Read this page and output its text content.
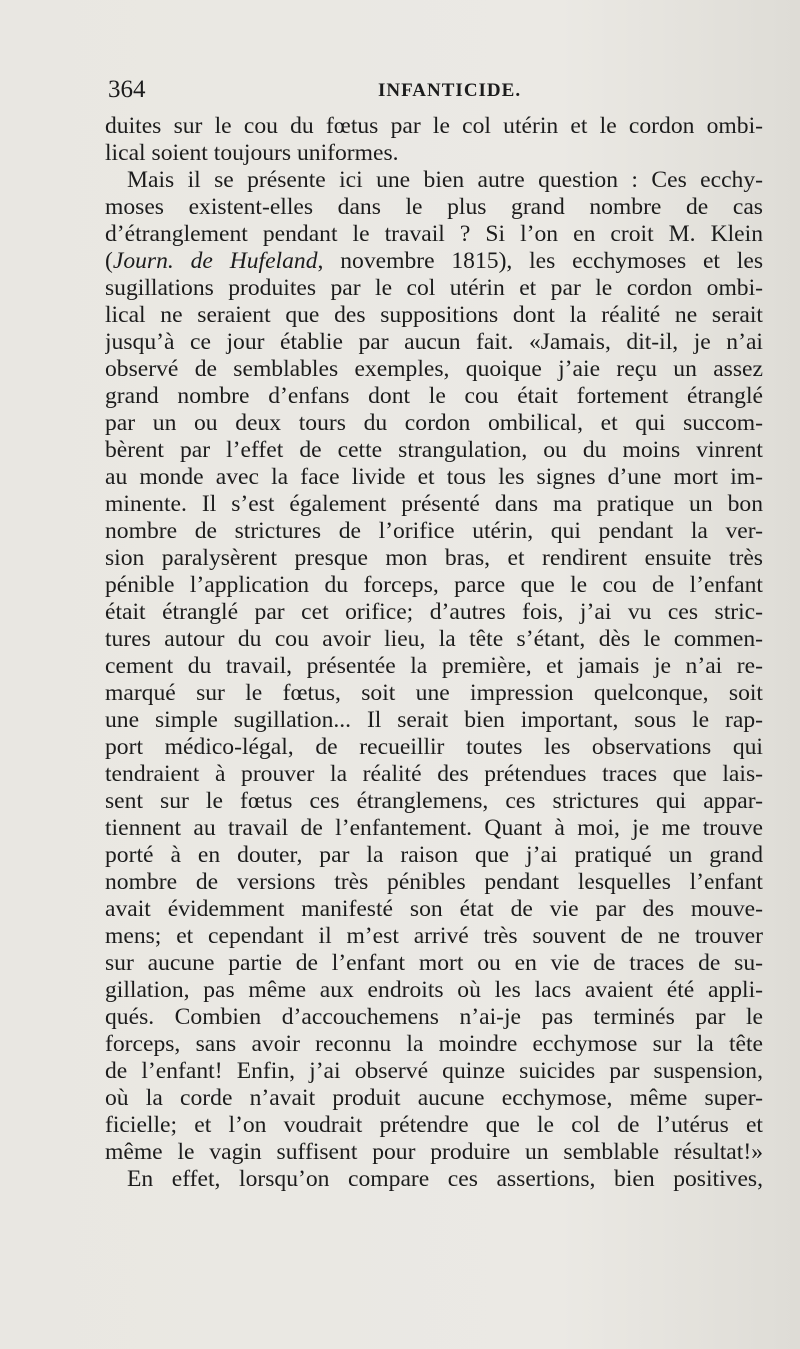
364	INFANTICIDE.
duites sur le cou du fœtus par le col utérin et le cordon ombi-
lical soient toujours uniformes.
Mais il se présente ici une bien autre question : Ces ecchy-
moses existent-elles dans le plus grand nombre de cas
d’étranglement pendant le travail ? Si l’on en croit M. Klein
(Journ. de Hufeland, novembre 1815), les ecchymoses et les
sugillations produites par le col utérin et par le cordon ombi-
lical ne seraient que des suppositions dont la réalité ne serait
jusqu’à ce jour établie par aucun fait. «Jamais, dit-il, je n’ai
observé de semblables exemples, quoique j’aie reçu un assez
grand nombre d’enfans dont le cou était fortement étranglé
par un ou deux tours du cordon ombilical, et qui succom-
bèrent par l’effet de cette strangulation, ou du moins vinrent
au monde avec la face livide et tous les signes d’une mort im-
minente. Il s’est également présenté dans ma pratique un bon
nombre de strictures de l’orifice utérin, qui pendant la ver-
sion paralysèrent presque mon bras, et rendirent ensuite très
pénible l’application du forceps, parce que le cou de l’enfant
était étranglé par cet orifice; d’autres fois, j’ai vu ces stric-
tures autour du cou avoir lieu, la tête s’étant, dès le commen-
cement du travail, présentée la première, et jamais je n’ai re-
marqué sur le fœtus, soit une impression quelconque, soit
une simple sugillation... Il serait bien important, sous le rap-
port médico-légal, de recueillir toutes les observations qui
tendraient à prouver la réalité des prétendues traces que lais-
sent sur le fœtus ces étranglemens, ces strictures qui appar-
tiennent au travail de l’enfantement. Quant à moi, je me trouve
porté à en douter, par la raison que j’ai pratiqué un grand
nombre de versions très pénibles pendant lesquelles l’enfant
avait évidemment manifesté son état de vie par des mouve-
mens; et cependant il m’est arrivé très souvent de ne trouver
sur aucune partie de l’enfant mort ou en vie de traces de su-
gillation, pas même aux endroits où les lacs avaient été appli-
qués. Combien d’accouchemens n’ai-je pas terminés par le
forceps, sans avoir reconnu la moindre ecchymose sur la tête
de l’enfant! Enfin, j’ai observé quinze suicides par suspension,
où la corde n’avait produit aucune ecchymose, même super-
ficielle; et l’on voudrait prétendre que le col de l’utérus et
même le vagin suffisent pour produire un semblable résultat!»
En effet, lorsqu’on compare ces assertions, bien positives,
